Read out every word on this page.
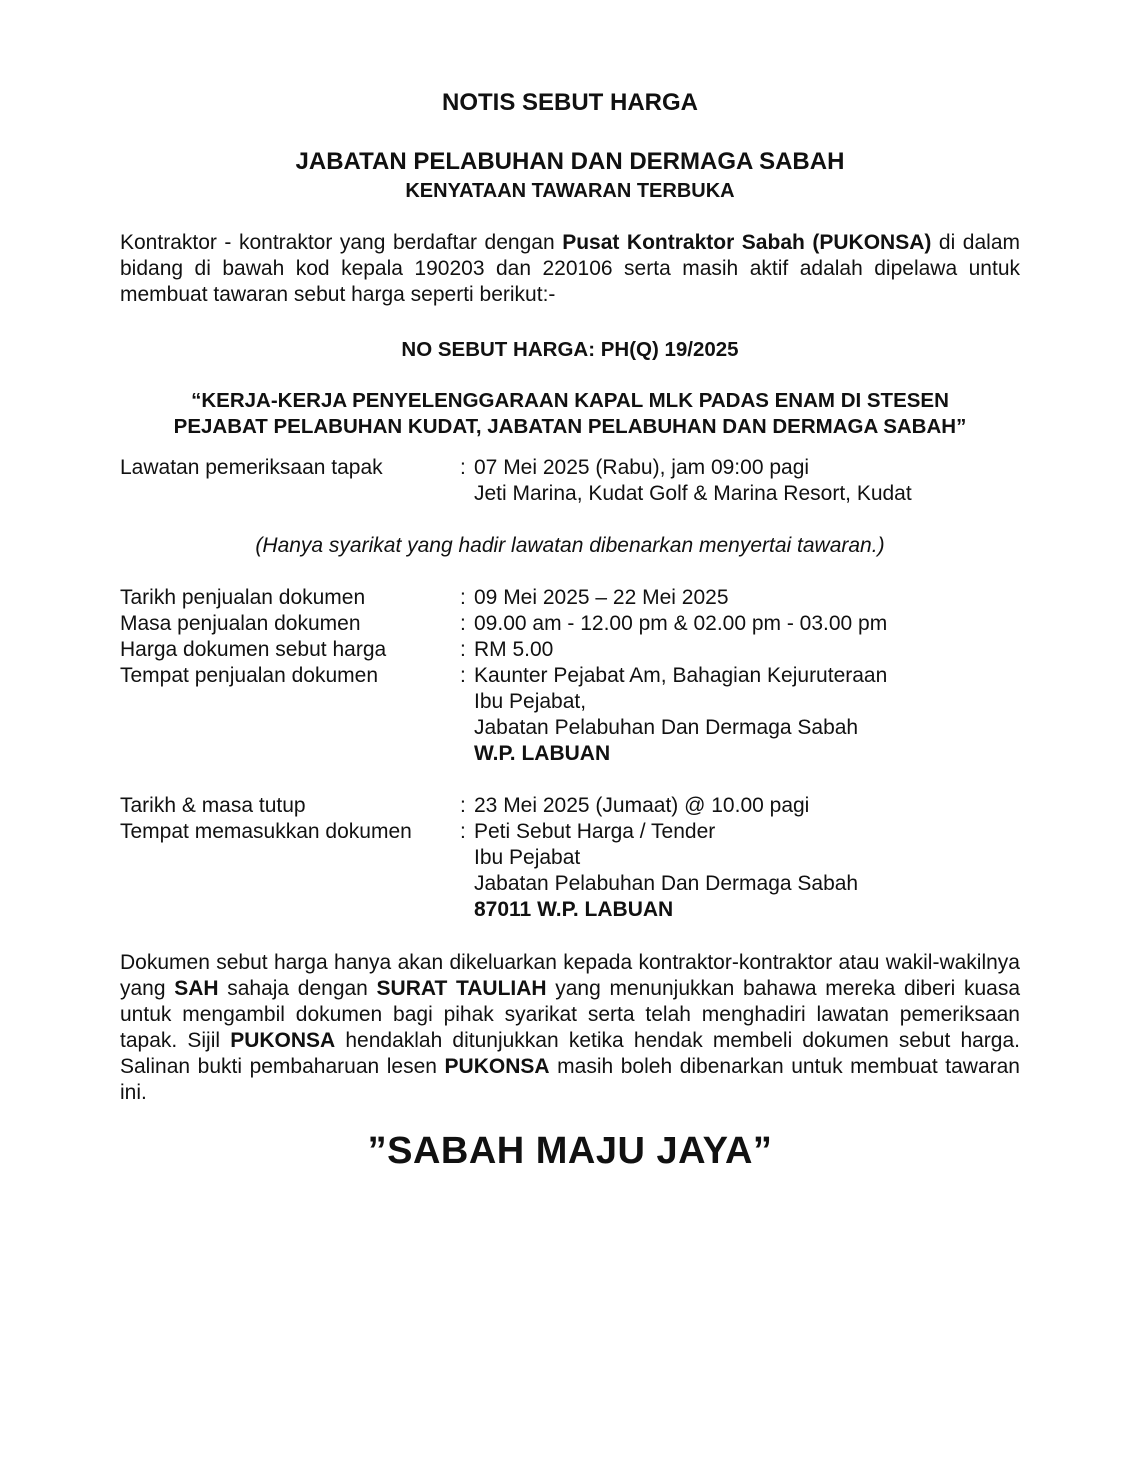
NOTIS SEBUT HARGA
JABATAN PELABUHAN DAN DERMAGA SABAH
KENYATAAN TAWARAN TERBUKA
Kontraktor - kontraktor yang berdaftar dengan Pusat Kontraktor Sabah (PUKONSA) di dalam bidang di bawah kod kepala 190203 dan 220106 serta masih aktif adalah dipelawa untuk membuat tawaran sebut harga seperti berikut:-
NO SEBUT HARGA: PH(Q) 19/2025
“KERJA-KERJA PENYELENGGARAAN KAPAL MLK PADAS ENAM DI STESEN
PEJABAT PELABUHAN KUDAT, JABATAN PELABUHAN DAN DERMAGA SABAH”
Lawatan pemeriksaan tapak	: 07 Mei 2025 (Rabu), jam 09:00 pagi
Jeti Marina, Kudat Golf & Marina Resort, Kudat
(Hanya syarikat yang hadir lawatan dibenarkan menyertai tawaran.)
Tarikh penjualan dokumen	: 09 Mei 2025 – 22 Mei 2025
Masa penjualan dokumen	: 09.00 am - 12.00 pm & 02.00 pm - 03.00 pm
Harga dokumen sebut harga	: RM 5.00
Tempat penjualan dokumen	: Kaunter Pejabat Am, Bahagian Kejuruteraan
Ibu Pejabat,
Jabatan Pelabuhan Dan Dermaga Sabah
W.P. LABUAN
Tarikh & masa tutup	: 23 Mei 2025 (Jumaat) @ 10.00 pagi
Tempat memasukkan dokumen	: Peti Sebut Harga / Tender
Ibu Pejabat
Jabatan Pelabuhan Dan Dermaga Sabah
87011 W.P. LABUAN
Dokumen sebut harga hanya akan dikeluarkan kepada kontraktor-kontraktor atau wakil-wakilnya yang SAH sahaja dengan SURAT TAULIAH yang menunjukkan bahawa mereka diberi kuasa untuk mengambil dokumen bagi pihak syarikat serta telah menghadiri lawatan pemeriksaan tapak. Sijil PUKONSA hendaklah ditunjukkan ketika hendak membeli dokumen sebut harga. Salinan bukti pembaharuan lesen PUKONSA masih boleh dibenarkan untuk membuat tawaran ini.
”SABAH MAJU JAYA”
